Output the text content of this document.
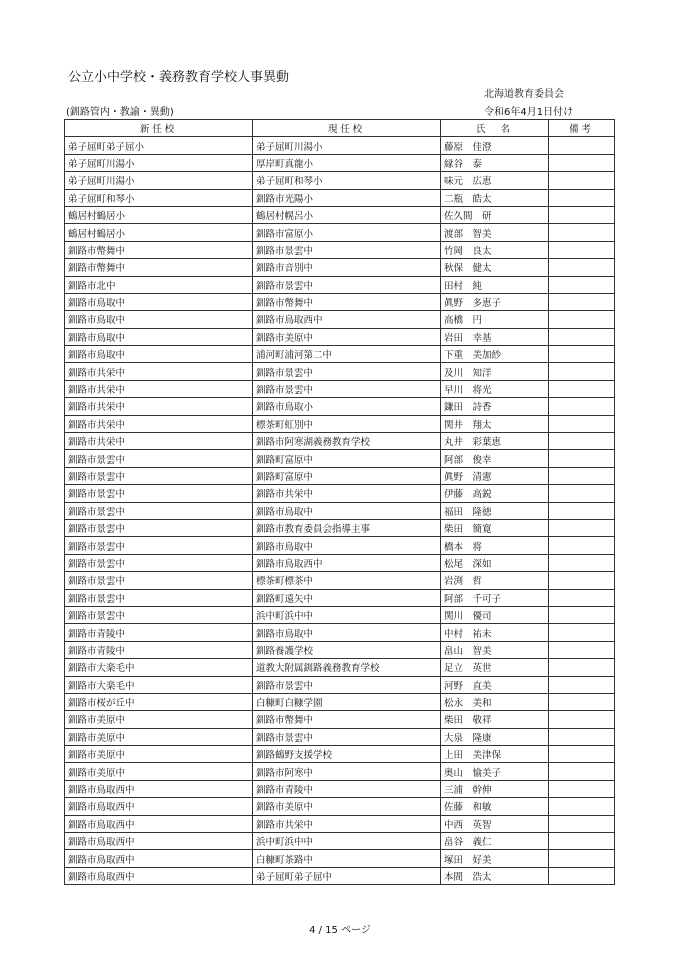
公立小中学校・義務教育学校人事異動
北海道教育委員会
(釧路管内・教諭・異動)	令和6年4月1日付け
新任校	現任校	氏　名	備考
弟子屈町弟子屈小	弟子屈町川湯小	藤原　佳澄	
弟子屈町川湯小	厚岸町真龍小	縁谷　泰	
弟子屈町川湯小	弟子屈町和琴小	味元　広恵	
弟子屈町和琴小	釧路市光陽小	二瓶　皓太	
鶴居村鶴居小	鶴居村幌呂小	佐久間　研	
鶴居村鶴居小	釧路市富原小	渡部　智美	
釧路市幣舞中	釧路市景雲中	竹岡　良太	
釧路市幣舞中	釧路市音別中	秋保　健太	
釧路市北中	釧路市景雲中	田村　純	
釧路市鳥取中	釧路市幣舞中	眞野　多恵子	
釧路市鳥取中	釧路市鳥取西中	高橋　円	
釧路市鳥取中	釧路市美原中	岩田　幸基	
釧路市鳥取中	浦河町浦河第二中	下重　美加紗	
釧路市共栄中	釧路市景雲中	及川　知洋	
釧路市共栄中	釧路市景雲中	早川　将光	
釧路市共栄中	釧路市鳥取小	鎌田　詩香	
釧路市共栄中	標茶町虹別中	関井　翔太	
釧路市共栄中	釧路市阿寒湖義務教育学校	丸井　彩葉恵	
釧路市景雲中	釧路町富原中	阿部　俊幸	
釧路市景雲中	釧路町富原中	眞野　清憲	
釧路市景雲中	釧路市共栄中	伊藤　高鋭	
釧路市景雲中	釧路市鳥取中	福田　隆徳	
釧路市景雲中	釧路市教育委員会指導主事	柴田　簡寛	
釧路市景雲中	釧路市鳥取中	橋本　将	
釧路市景雲中	釧路市鳥取西中	松尾　深如	
釧路市景雲中	標茶町標茶中	岩渕　哲	
釧路市景雲中	釧路町遠矢中	阿部　千可子	
釧路市景雲中	浜中町浜中中	関川　優司	
釧路市青陵中	釧路市鳥取中	中村　祐未	
釧路市青陵中	釧路養護学校	畠山　智美	
釧路市大楽毛中	道教大附属釧路義務教育学校	足立　英世	
釧路市大楽毛中	釧路市景雲中	河野　直美	
釧路市桜が丘中	白糠町白糠学園	松永　美和	
釧路市美原中	釧路市幣舞中	柴田　敬祥	
釧路市美原中	釧路市景雲中	大泉　隆康	
釧路市美原中	釧路鶴野支援学校	上田　美津保	
釧路市美原中	釧路市阿寒中	奥山　愉美子	
釧路市鳥取西中	釧路市青陵中	三浦　幹伸	
釧路市鳥取西中	釧路市美原中	佐藤　和敏	
釧路市鳥取西中	釧路市共栄中	中西　英智	
釧路市鳥取西中	浜中町浜中中	畠谷　義仁	
釧路市鳥取西中	白糠町茶路中	塚田　好美	
釧路市鳥取西中	弟子屈町弟子屈中	本間　浩太	
4 / 15 ページ
